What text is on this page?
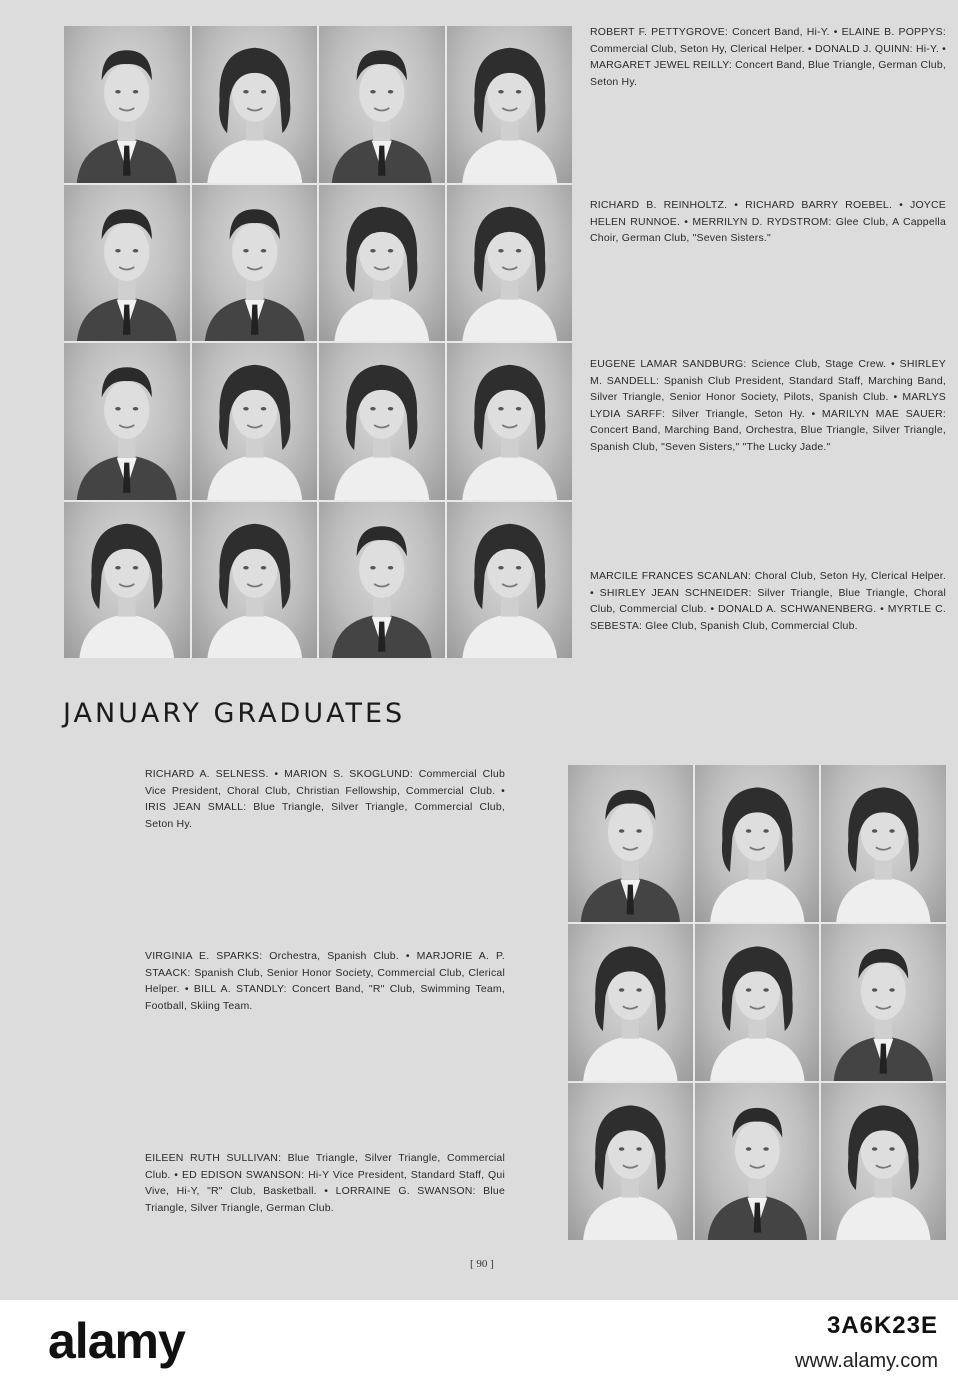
ROBERT F. PETTYGROVE: Concert Band, Hi-Y. • ELAINE B. POPPYS: Commercial Club, Seton Hy, Clerical Helper. • DONALD J. QUINN: Hi-Y. • MARGARET JEWEL REILLY: Concert Band, Blue Triangle, German Club, Seton Hy.

RICHARD B. REINHOLTZ. • RICHARD BARRY ROEBEL. • JOYCE HELEN RUNNOE. • MERRILYN D. RYDSTROM: Glee Club, A Cappella Choir, German Club, "Seven Sisters."

EUGENE LAMAR SANDBURG: Science Club, Stage Crew. • SHIRLEY M. SANDELL: Spanish Club President, Standard Staff, Marching Band, Silver Triangle, Senior Honor Society, Pilots, Spanish Club. • MARLYS LYDIA SARFF: Silver Triangle, Seton Hy. • MARILYN MAE SAUER: Concert Band, Marching Band, Orchestra, Blue Triangle, Silver Triangle, Spanish Club, "Seven Sisters," "The Lucky Jade."

MARCILE FRANCES SCANLAN: Choral Club, Seton Hy, Clerical Helper. • SHIRLEY JEAN SCHNEIDER: Silver Triangle, Blue Triangle, Choral Club, Commercial Club. • DONALD A. SCHWANENBERG. • MYRTLE C. SEBESTA: Glee Club, Spanish Club, Commercial Club.

JANUARY GRADUATES

RICHARD A. SELNESS. • MARION S. SKOGLUND: Commercial Club Vice President, Choral Club, Christian Fellowship, Commercial Club. • IRIS JEAN SMALL: Blue Triangle, Silver Triangle, Commercial Club, Seton Hy.

VIRGINIA E. SPARKS: Orchestra, Spanish Club. • MARJORIE A. P. STAACK: Spanish Club, Senior Honor Society, Commercial Club, Clerical Helper. • BILL A. STANDLY: Concert Band, "R" Club, Swimming Team, Football, Skiing Team.

EILEEN RUTH SULLIVAN: Blue Triangle, Silver Triangle, Commercial Club. • ED EDISON SWANSON: Hi-Y Vice President, Standard Staff, Qui Vive, Hi-Y, "R" Club, Basketball. • LORRAINE G. SWANSON: Blue Triangle, Silver Triangle, German Club.

[ 90 ]
alamy	3A6K23E
www.alamy.com
